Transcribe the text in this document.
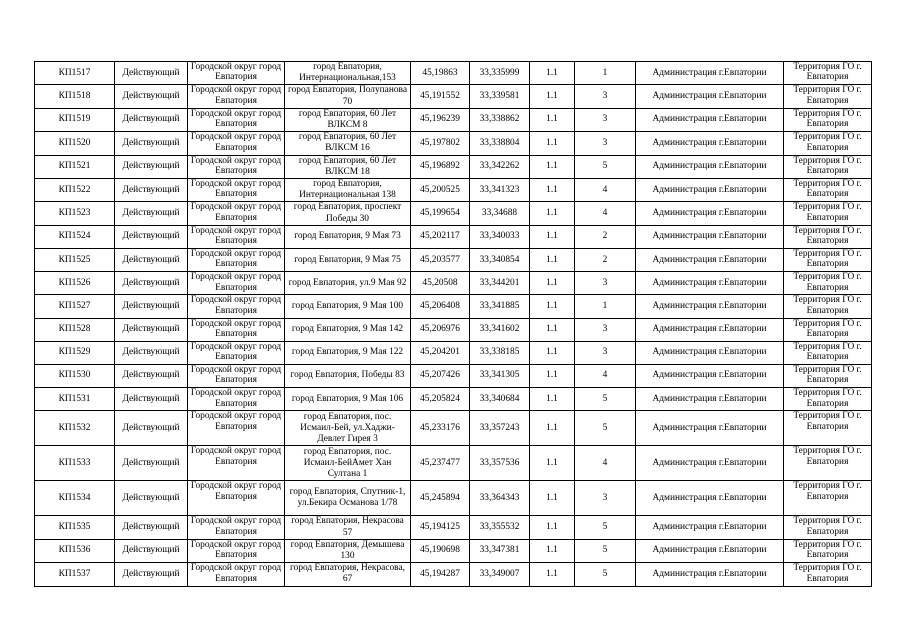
КП1517	Действующий	Городской округ город Евпатория	город Евпатория, Интернациональная,153	45,19863	33,335999	1.1	1	Администрация г.Евпатории	Территория ГО г. Евпатория
КП1518	Действующий	Городской округ город Евпатория	город Евпатория, Полупанова 70	45,191552	33,339581	1.1	3	Администрация г.Евпатории	Территория ГО г. Евпатория
КП1519	Действующий	Городской округ город Евпатория	город Евпатория, 60 Лет ВЛКСМ 8	45,196239	33,338862	1.1	3	Администрация г.Евпатории	Территория ГО г. Евпатория
КП1520	Действующий	Городской округ город Евпатория	город Евпатория, 60 Лет ВЛКСМ 16	45,197802	33,338804	1.1	3	Администрация г.Евпатории	Территория ГО г. Евпатория
КП1521	Действующий	Городской округ город Евпатория	город Евпатория, 60 Лет ВЛКСМ 18	45,196892	33,342262	1.1	5	Администрация г.Евпатории	Территория ГО г. Евпатория
КП1522	Действующий	Городской округ город Евпатория	город Евпатория, Интернациональная 138	45,200525	33,341323	1.1	4	Администрация г.Евпатории	Территория ГО г. Евпатория
КП1523	Действующий	Городской округ город Евпатория	город Евпатория, проспект Победы 30	45,199654	33,34688	1.1	4	Администрация г.Евпатории	Территория ГО г. Евпатория
КП1524	Действующий	Городской округ город Евпатория	город Евпатория, 9 Мая 73	45,202117	33,340033	1.1	2	Администрация г.Евпатории	Территория ГО г. Евпатория
КП1525	Действующий	Городской округ город Евпатория	город Евпатория, 9 Мая 75	45,203577	33,340854	1.1	2	Администрация г.Евпатории	Территория ГО г. Евпатория
КП1526	Действующий	Городской округ город Евпатория	город Евпатория, ул.9 Мая 92	45,20508	33,344201	1.1	3	Администрация г.Евпатории	Территория ГО г. Евпатория
КП1527	Действующий	Городской округ город Евпатория	город Евпатория, 9 Мая 100	45,206408	33,341885	1.1	1	Администрация г.Евпатории	Территория ГО г. Евпатория
КП1528	Действующий	Городской округ город Евпатория	город Евпатория, 9 Мая 142	45,206976	33,341602	1.1	3	Администрация г.Евпатории	Территория ГО г. Евпатория
КП1529	Действующий	Городской округ город Евпатория	город Евпатория, 9 Мая 122	45,204201	33,338185	1.1	3	Администрация г.Евпатории	Территория ГО г. Евпатория
КП1530	Действующий	Городской округ город Евпатория	город Евпатория, Победы 83	45,207426	33,341305	1.1	4	Администрация г.Евпатории	Территория ГО г. Евпатория
КП1531	Действующий	Городской округ город Евпатория	город Евпатория, 9 Мая 106	45,205824	33,340684	1.1	5	Администрация г.Евпатории	Территория ГО г. Евпатория
КП1532	Действующий	Городской округ город Евпатория	город Евпатория, пос. Исмаил-Бей, ул.Хаджи-Девлет Гирея 3	45,233176	33,357243	1.1	5	Администрация г.Евпатории	Территория ГО г. Евпатория
КП1533	Действующий	Городской округ город Евпатория	город Евпатория, пос. Исмаил-БейАмет Хан Султана 1	45,237477	33,357536	1.1	4	Администрация г.Евпатории	Территория ГО г. Евпатория
КП1534	Действующий	Городской округ город Евпатория	город Евпатория, Спутник-1, ул.Бекира Османова 1/78	45,245894	33,364343	1.1	3	Администрация г.Евпатории	Территория ГО г. Евпатория
КП1535	Действующий	Городской округ город Евпатория	город Евпатория, Некрасова 57	45,194125	33,355532	1.1	5	Администрация г.Евпатории	Территория ГО г. Евпатория
КП1536	Действующий	Городской округ город Евпатория	город Евпатория, Демышева 130	45,190698	33,347381	1.1	5	Администрация г.Евпатории	Территория ГО г. Евпатория
КП1537	Действующий	Городской округ город Евпатория	город Евпатория, Некрасова, 67	45,194287	33,349007	1.1	5	Администрация г.Евпатории	Территория ГО г. Евпатория
